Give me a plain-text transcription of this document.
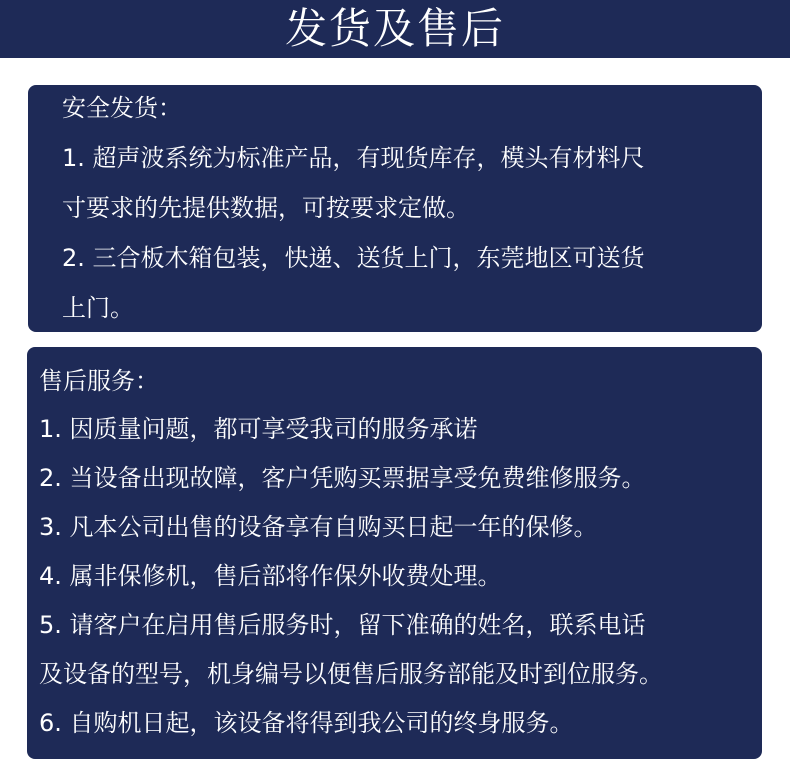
发货及售后
安全发货：
1. 超声波系统为标准产品，有现货库存，模头有材料尺
寸要求的先提供数据，可按要求定做。
2. 三合板木箱包装，快递、送货上门，东莞地区可送货
上门。
售后服务：
1. 因质量问题，都可享受我司的服务承诺
2. 当设备出现故障，客户凭购买票据享受免费维修服务。
3. 凡本公司出售的设备享有自购买日起一年的保修。
4. 属非保修机，售后部将作保外收费处理。
5. 请客户在启用售后服务时，留下准确的姓名，联系电话
及设备的型号，机身编号以便售后服务部能及时到位服务。
6. 自购机日起，该设备将得到我公司的终身服务。
